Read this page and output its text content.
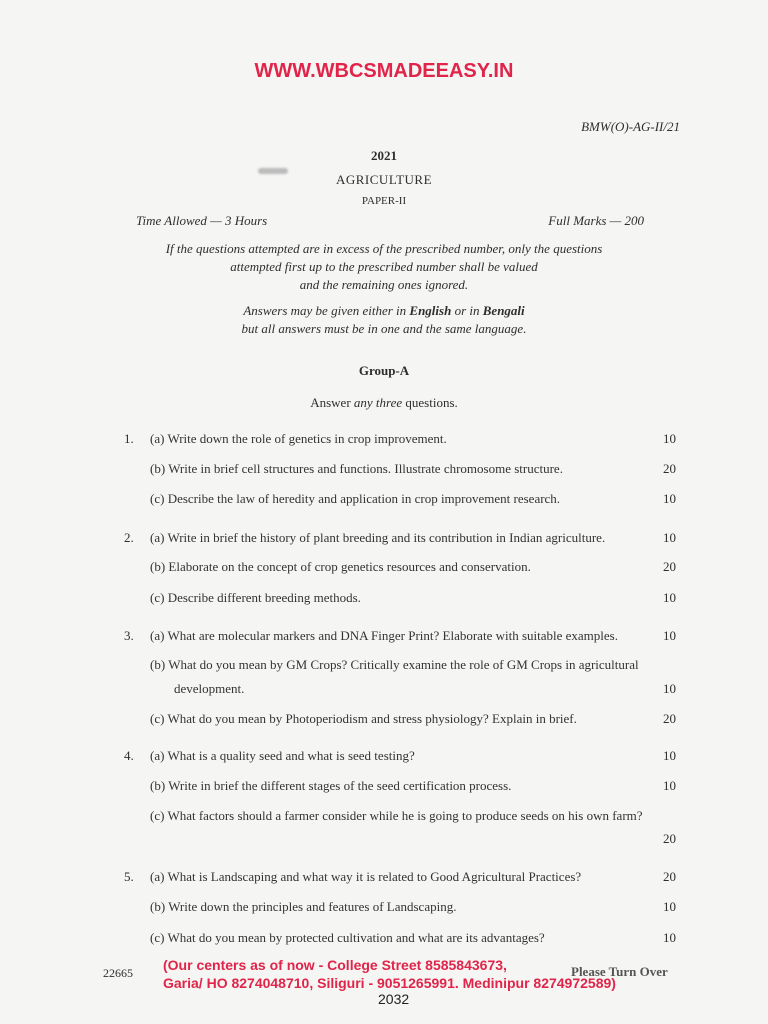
WWW.WBCSMADEEASY.IN
BMW(O)-AG-II/21
2021
AGRICULTURE
PAPER-II
Time Allowed — 3 Hours	Full Marks — 200
If the questions attempted are in excess of the prescribed number, only the questions
attempted first up to the prescribed number shall be valued
and the remaining ones ignored.
Answers may be given either in English or in Bengali
but all answers must be in one and the same language.
Group-A
Answer any three questions.
1. (a) Write down the role of genetics in crop improvement.	10
(b) Write in brief cell structures and functions. Illustrate chromosome structure.	20
(c) Describe the law of heredity and application in crop improvement research.	10
2. (a) Write in brief the history of plant breeding and its contribution in Indian agriculture.	10
(b) Elaborate on the concept of crop genetics resources and conservation.	20
(c) Describe different breeding methods.	10
3. (a) What are molecular markers and DNA Finger Print? Elaborate with suitable examples.	10
(b) What do you mean by GM Crops? Critically examine the role of GM Crops in agricultural
development.	10
(c) What do you mean by Photoperiodism and stress physiology? Explain in brief.	20
4. (a) What is a quality seed and what is seed testing?	10
(b) Write in brief the different stages of the seed certification process.	10
(c) What factors should a farmer consider while he is going to produce seeds on his own farm?
20
5. (a) What is Landscaping and what way it is related to Good Agricultural Practices?	20
(b) Write down the principles and features of Landscaping.	10
(c) What do you mean by protected cultivation and what are its advantages?	10
22665	Please Turn Over
(Our centers as of now - College Street 8585843673,
Garia/ HO 8274048710, Siliguri - 9051265991. Medinipur 8274972589)
2032
